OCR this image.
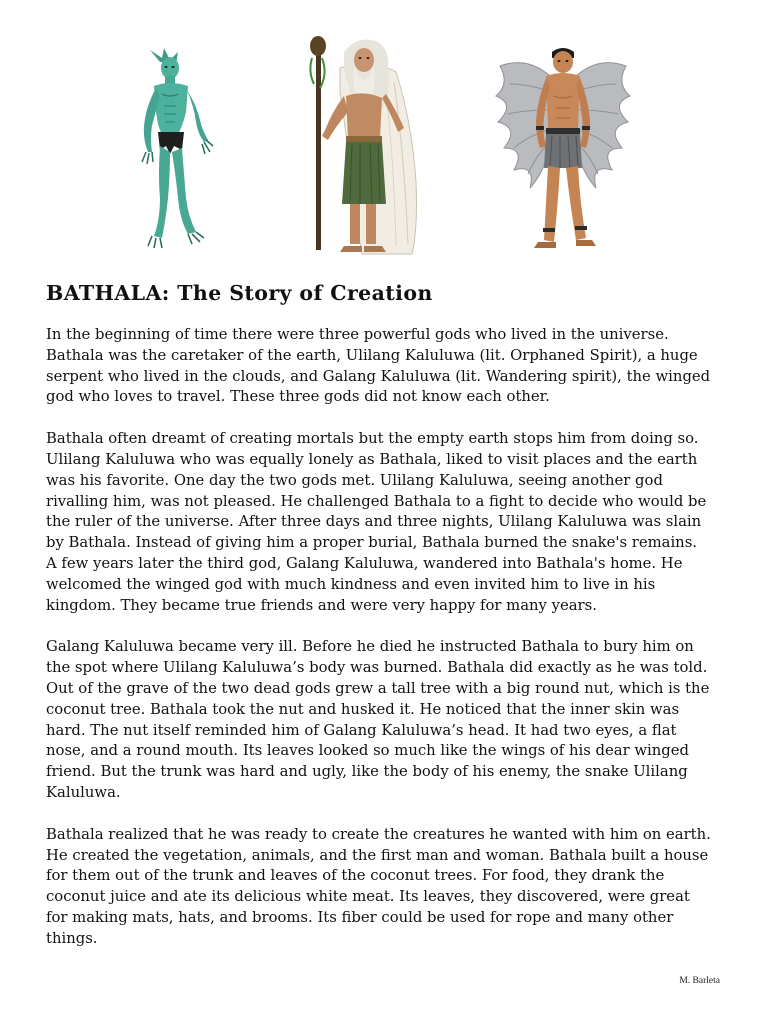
BATHALA: The Story of Creation

In the beginning of time there were three powerful gods who lived in the universe.
Bathala was the caretaker of the earth, Ulilang Kaluluwa (lit. Orphaned Spirit), a huge
serpent who lived in the clouds, and Galang Kaluluwa (lit. Wandering spirit), the winged
god who loves to travel. These three gods did not know each other.

Bathala often dreamt of creating mortals but the empty earth stops him from doing so.
Ulilang Kaluluwa who was equally lonely as Bathala, liked to visit places and the earth
was his favorite. One day the two gods met. Ulilang Kaluluwa, seeing another god
rivalling him, was not pleased. He challenged Bathala to a fight to decide who would be
the ruler of the universe. After three days and three nights, Ulilang Kaluluwa was slain
by Bathala. Instead of giving him a proper burial, Bathala burned the snake's remains.
A few years later the third god, Galang Kaluluwa, wandered into Bathala's home. He
welcomed the winged god with much kindness and even invited him to live in his
kingdom. They became true friends and were very happy for many years.

Galang Kaluluwa became very ill. Before he died he instructed Bathala to bury him on
the spot where Ulilang Kaluluwa’s body was burned. Bathala did exactly as he was told.
Out of the grave of the two dead gods grew a tall tree with a big round nut, which is the
coconut tree. Bathala took the nut and husked it. He noticed that the inner skin was
hard. The nut itself reminded him of Galang Kaluluwa’s head. It had two eyes, a flat
nose, and a round mouth. Its leaves looked so much like the wings of his dear winged
friend. But the trunk was hard and ugly, like the body of his enemy, the snake Ulilang
Kaluluwa.

Bathala realized that he was ready to create the creatures he wanted with him on earth.
He created the vegetation, animals, and the first man and woman. Bathala built a house
for them out of the trunk and leaves of the coconut trees. For food, they drank the
coconut juice and ate its delicious white meat. Its leaves, they discovered, were great
for making mats, hats, and brooms. Its fiber could be used for rope and many other
things.

M. Barleta
